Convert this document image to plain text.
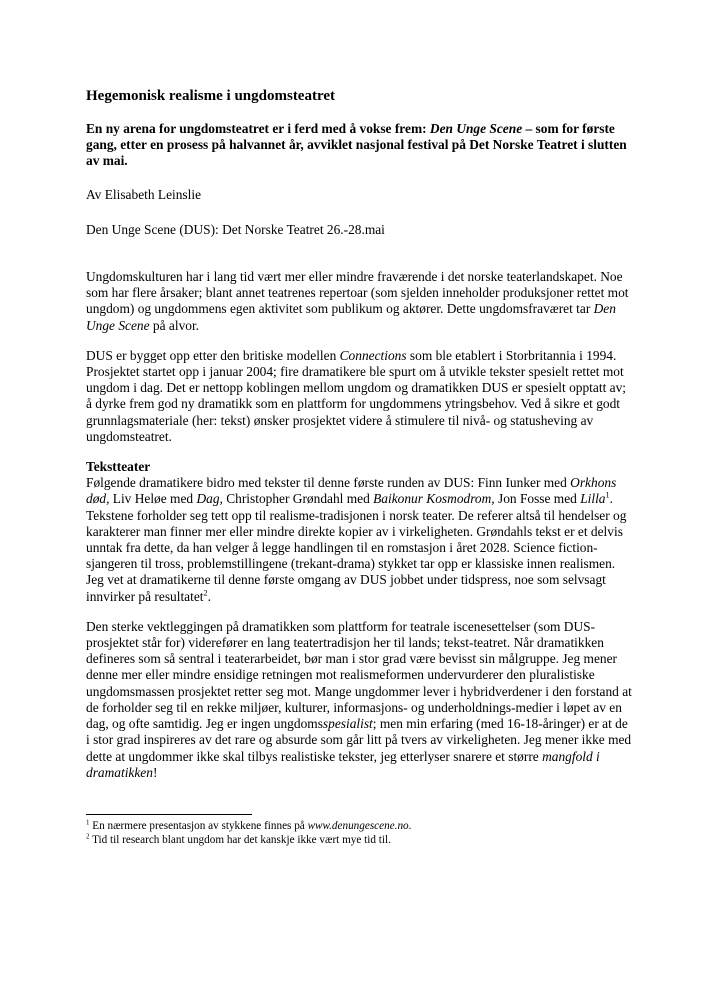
Hegemonisk realisme i ungdomsteatret
En ny arena for ungdomsteatret er i ferd med å vokse frem: Den Unge Scene – som for første gang, etter en prosess på halvannet år, avviklet nasjonal festival på Det Norske Teatret i slutten av mai.
Av Elisabeth Leinslie
Den Unge Scene (DUS): Det Norske Teatret 26.-28.mai
Ungdomskulturen har i lang tid vært mer eller mindre fraværende i det norske teaterlandskapet. Noe som har flere årsaker; blant annet teatrenes repertoar (som sjelden inneholder produksjoner rettet mot ungdom) og ungdommens egen aktivitet som publikum og aktører. Dette ungdomsfraværet tar Den Unge Scene på alvor.
DUS er bygget opp etter den britiske modellen Connections som ble etablert i Storbritannia i 1994. Prosjektet startet opp i januar 2004; fire dramatikere ble spurt om å utvikle tekster spesielt rettet mot ungdom i dag. Det er nettopp koblingen mellom ungdom og dramatikken DUS er spesielt opptatt av; å dyrke frem god ny dramatikk som en plattform for ungdommens ytringsbehov. Ved å sikre et godt grunnlagsmateriale (her: tekst) ønsker prosjektet videre å stimulere til nivå- og statusheving av ungdomsteatret.
Tekstteater
Følgende dramatikere bidro med tekster til denne første runden av DUS: Finn Iunker med Orkhons død, Liv Heløe med Dag, Christopher Grøndahl med Baikonur Kosmodrom, Jon Fosse med Lilla$^1$. Tekstene forholder seg tett opp til realisme-tradisjonen i norsk teater. De referer altså til hendelser og karakterer man finner mer eller mindre direkte kopier av i virkeligheten. Grøndahls tekst er et delvis unntak fra dette, da han velger å legge handlingen til en romstasjon i året 2028. Science fiction-sjangeren til tross, problemstillingene (trekant-drama) stykket tar opp er klassiske innen realismen. Jeg vet at dramatikerne til denne første omgang av DUS jobbet under tidspress, noe som selvsagt innvirker på resultatet$^2$.
Den sterke vektleggingen på dramatikken som plattform for teatrale iscenesettelser (som DUS-prosjektet står for) viderefører en lang teatertradisjon her til lands; tekst-teatret. Når dramatikken defineres som så sentral i teaterarbeidet, bør man i stor grad være bevisst sin målgruppe. Jeg mener denne mer eller mindre ensidige retningen mot realismeformen undervurderer den pluralistiske ungdomsmassen prosjektet retter seg mot. Mange ungdommer lever i hybridverdener i den forstand at de forholder seg til en rekke miljøer, kulturer, informasjons- og underholdnings-medier i løpet av en dag, og ofte samtidig. Jeg er ingen ungdomsspesialist; men min erfaring (med 16-18-åringer) er at de i stor grad inspireres av det rare og absurde som går litt på tvers av virkeligheten. Jeg mener ikke med dette at ungdommer ikke skal tilbys realistiske tekster, jeg etterlyser snarere et større mangfold i dramatikken!
$^1$ En nærmere presentasjon av stykkene finnes på www.denungescene.no.
$^2$ Tid til research blant ungdom har det kanskje ikke vært mye tid til.
